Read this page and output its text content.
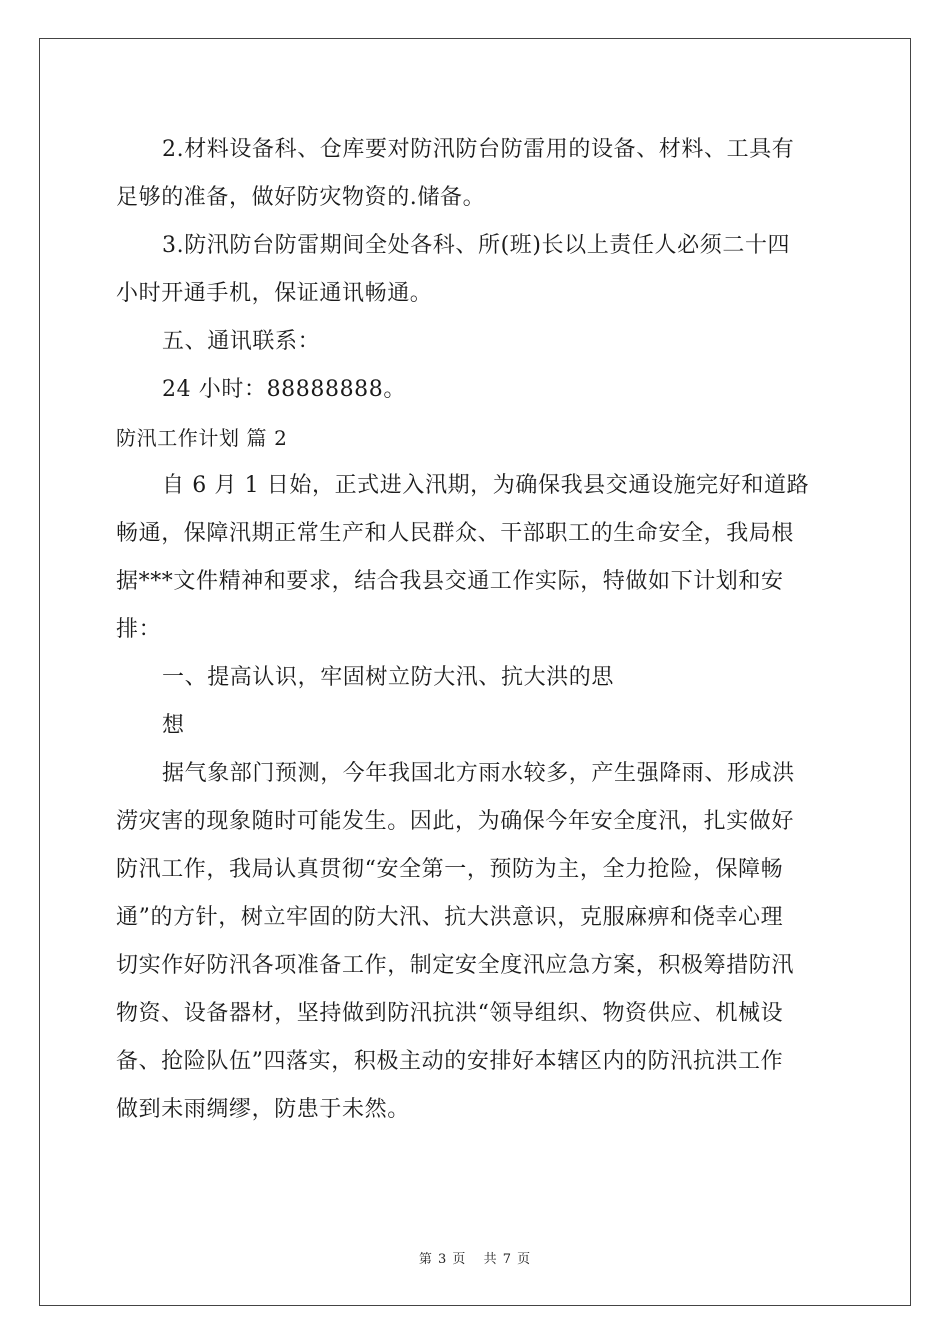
2.材料设备科、仓库要对防汛防台防雷用的设备、材料、工具有
足够的准备，做好防灾物资的.储备。
3.防汛防台防雷期间全处各科、所(班)长以上责任人必须二十四
小时开通手机，保证通讯畅通。
五、通讯联系：
24 小时：88888888。
防汛工作计划 篇 2
自 6 月 1 日始，正式进入汛期，为确保我县交通设施完好和道路
畅通，保障汛期正常生产和人民群众、干部职工的生命安全，我局根
据***文件精神和要求，结合我县交通工作实际，特做如下计划和安
排：
一、提高认识，牢固树立防大汛、抗大洪的思
想
据气象部门预测，今年我国北方雨水较多，产生强降雨、形成洪
涝灾害的现象随时可能发生。因此，为确保今年安全度汛，扎实做好
防汛工作，我局认真贯彻“安全第一，预防为主，全力抢险，保障畅
通”的方针，树立牢固的防大汛、抗大洪意识，克服麻痹和侥幸心理
切实作好防汛各项准备工作，制定安全度汛应急方案，积极筹措防汛
物资、设备器材，坚持做到防汛抗洪“领导组织、物资供应、机械设
备、抢险队伍”四落实，积极主动的安排好本辖区内的防汛抗洪工作
做到未雨绸缪，防患于未然。
第 3 页 共 7 页
